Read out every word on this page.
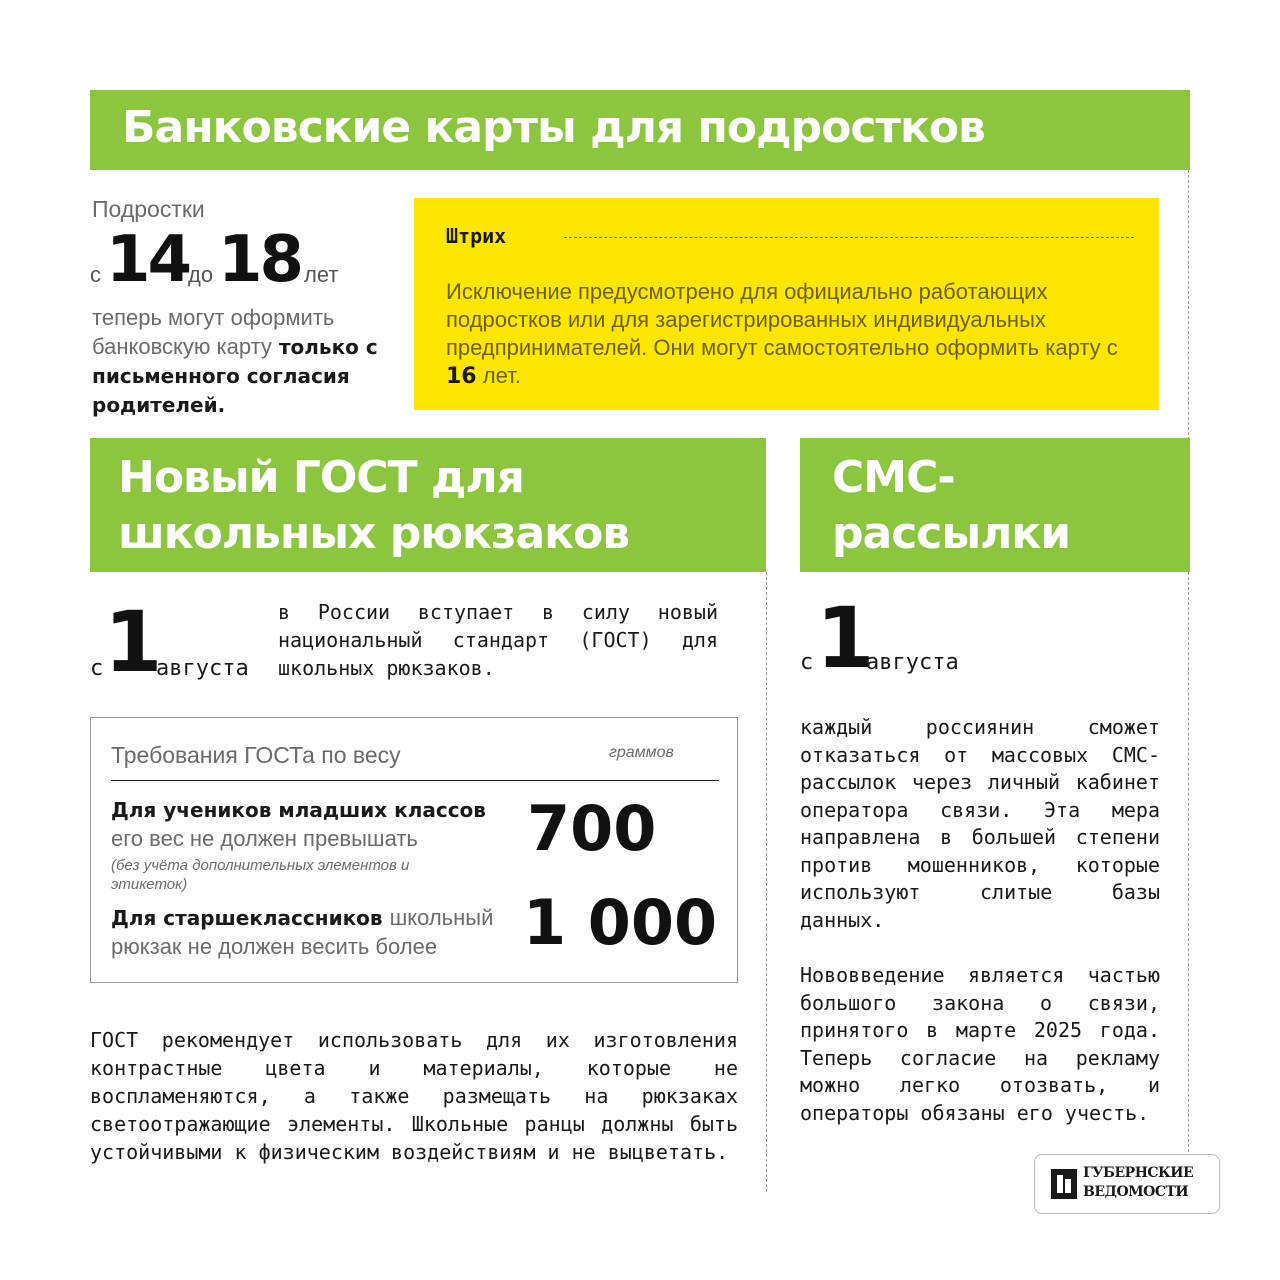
Банковские карты для подростков
Подростки
с 14
до 18 лет
теперь могут оформить банковскую карту только с письменного согласия родителей.
Штрих
Исключение предусмотрено для официально работающих подростков или для зарегистрированных индивидуальных предпринимателей. Они могут самостоятельно оформить карту с 16 лет.
Новый ГОСТ для школьных рюкзаков
СМС-рассылки запретят
с 1
августа
в России вступает в силу новый национальный стандарт (ГОСТ) для школьных рюкзаков.
Требования ГОСТа по весу	граммов
Для учеников младших классов
его вес не должен превышать
(без учёта дополнительных элементов и этикеток)
700
Для старшеклассников школьный рюкзак не должен весить более	1 000
ГОСТ рекомендует использовать для их изготовления контрастные цвета и материалы, которые не воспламеняются, а также размещать на рюкзаках светоотражающие элементы. Школьные ранцы должны быть устойчивыми к физическим воздействиям и не выцветать.
с 1
августа
каждый россиянин сможет отказаться от массовых СМС-рассылок через личный кабинет оператора связи. Эта мера направлена в большей степени против мошенников, которые используют слитые базы данных.
Нововведение является частью большого закона о связи, принятого в марте 2025 года. Теперь согласие на рекламу можно легко отозвать, и операторы обязаны его учесть.
ГУБЕРНСКИЕ
ВЕДОМОСТИ
